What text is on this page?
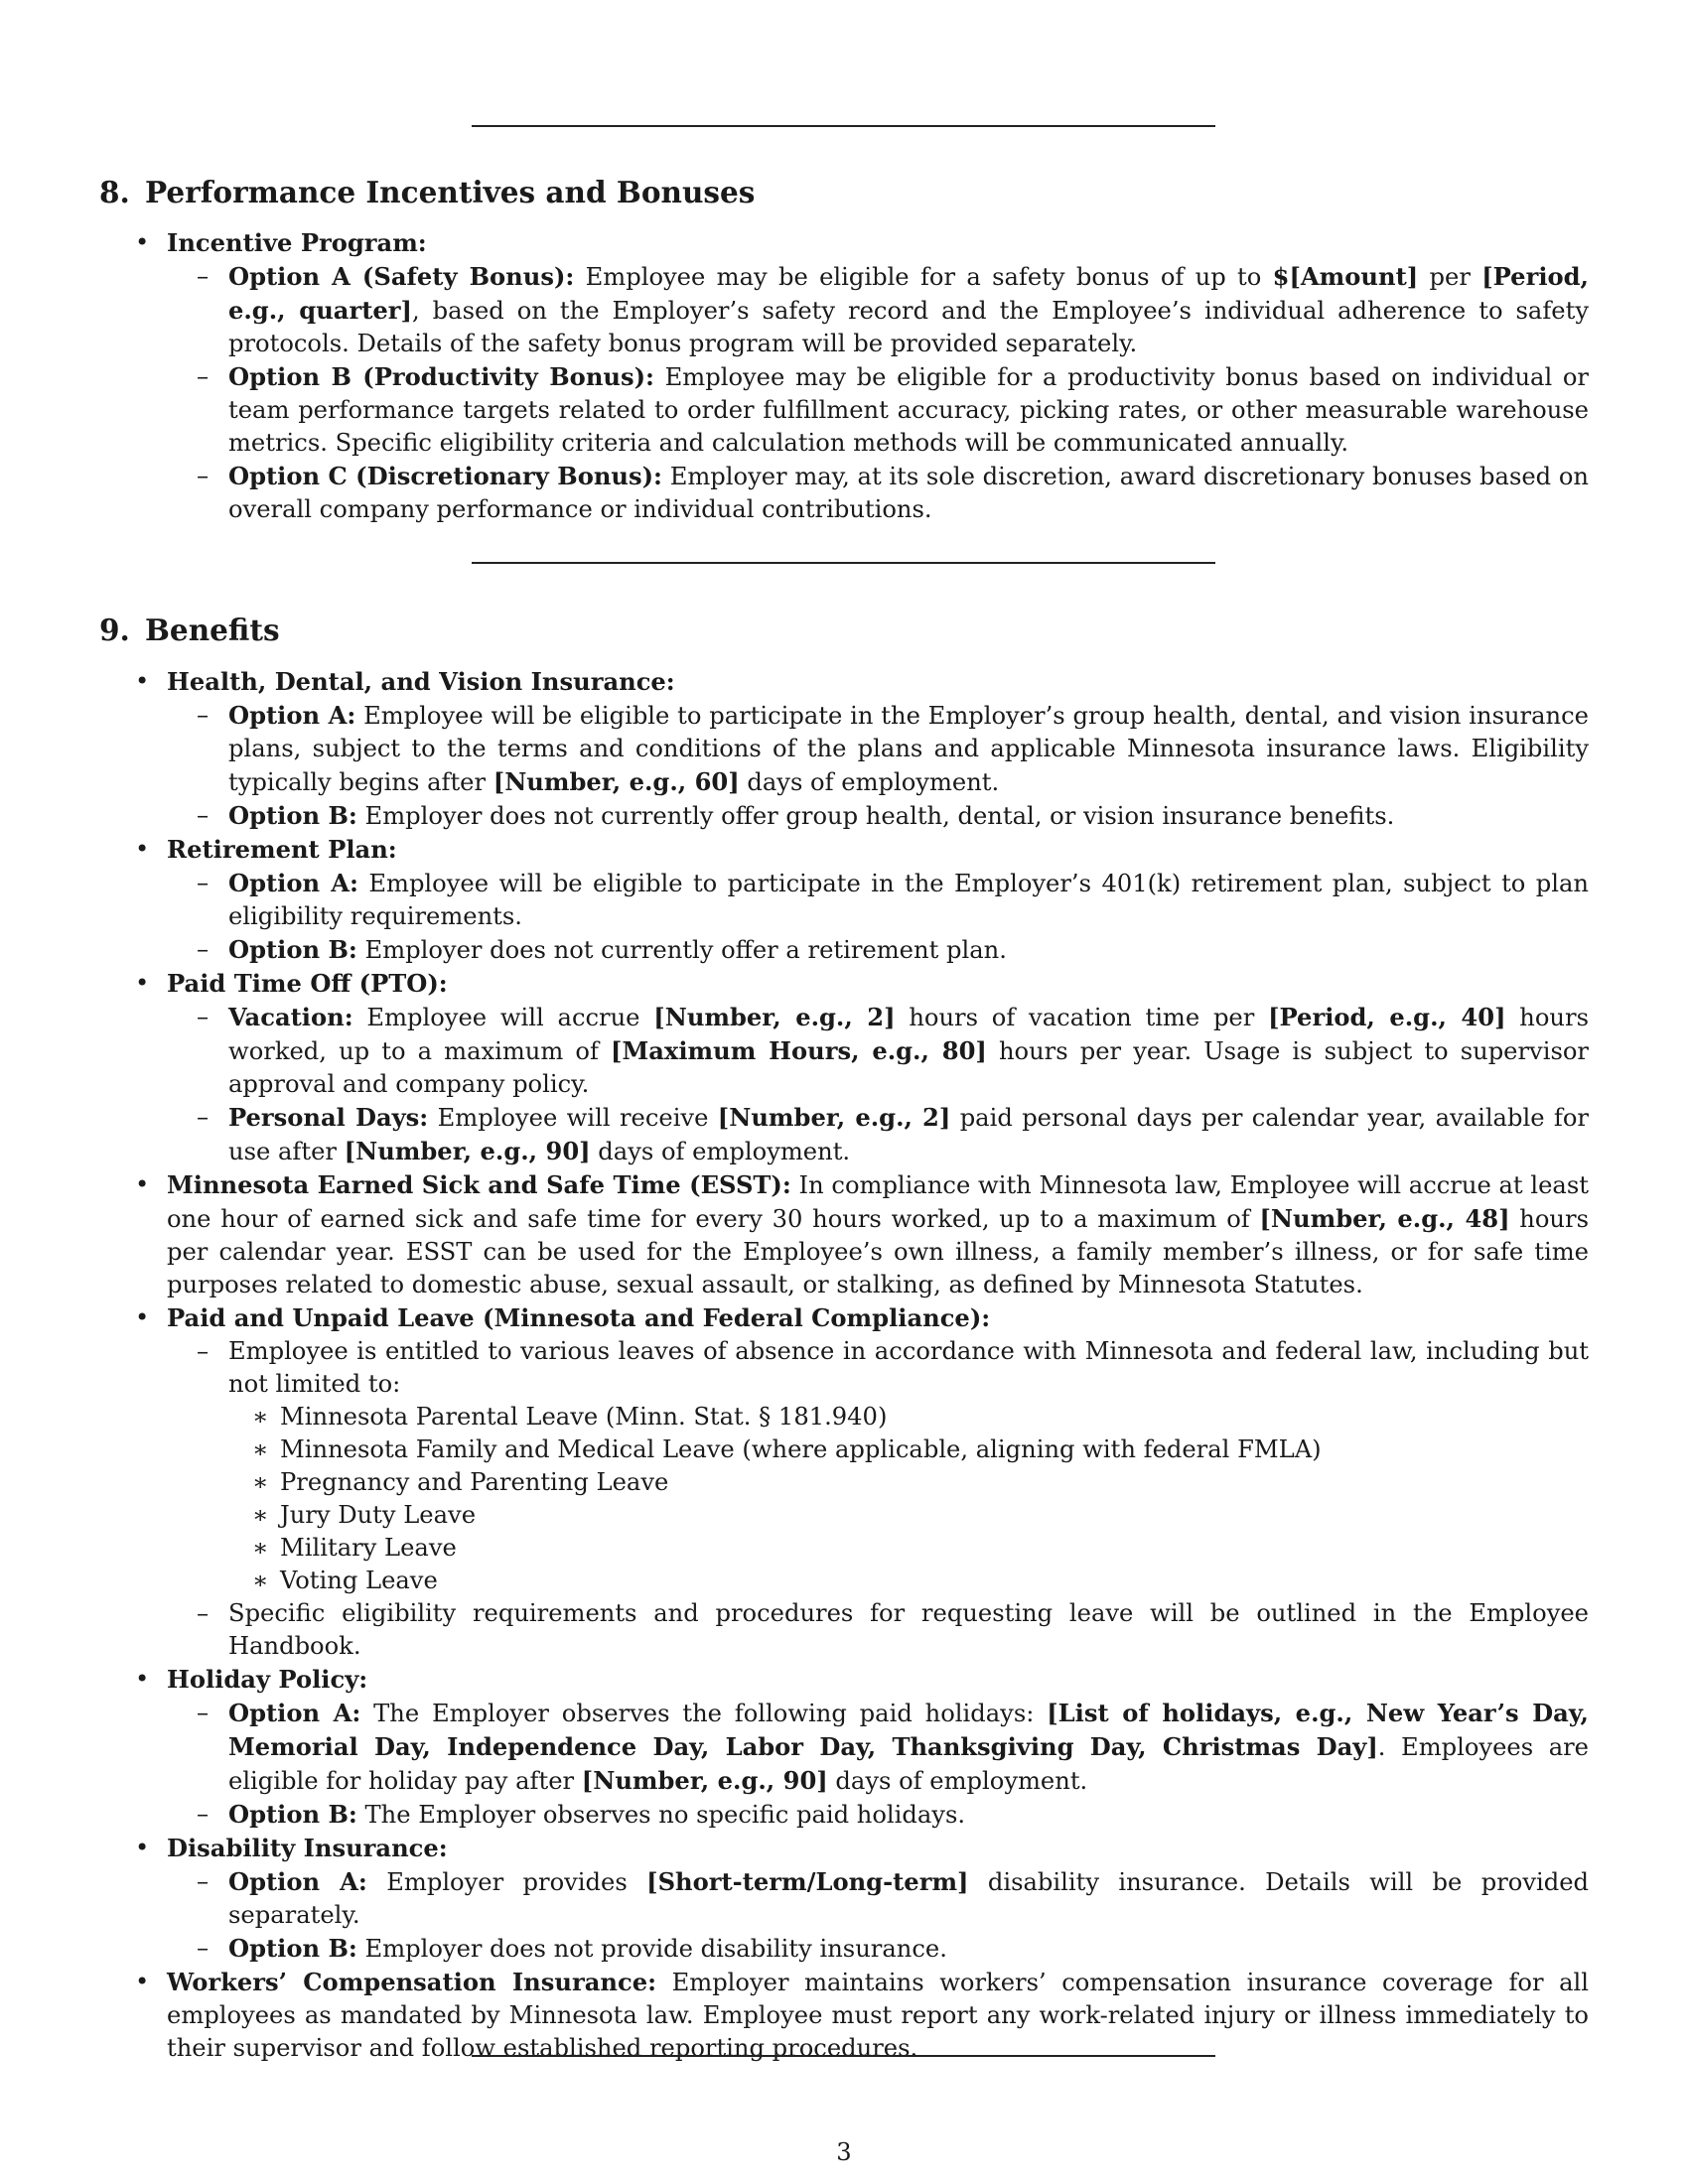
8. Performance Incentives and Bonuses
• Incentive Program:
– Option A (Safety Bonus): Employee may be eligible for a safety bonus of up to $[Amount] per [Period, e.g., quarter], based on the Employer’s safety record and the Employee’s individual adherence to safety protocols. Details of the safety bonus program will be provided separately.
– Option B (Productivity Bonus): Employee may be eligible for a productivity bonus based on individual or team performance targets related to order fulfillment accuracy, picking rates, or other measurable warehouse metrics. Specific eligibility criteria and calculation methods will be communicated annually.
– Option C (Discretionary Bonus): Employer may, at its sole discretion, award discretionary bonuses based on overall company performance or individual contributions.
9. Benefits
• Health, Dental, and Vision Insurance:
– Option A: Employee will be eligible to participate in the Employer’s group health, dental, and vision insurance plans, subject to the terms and conditions of the plans and applicable Minnesota insurance laws. Eligibility typically begins after [Number, e.g., 60] days of employment.
– Option B: Employer does not currently offer group health, dental, or vision insurance benefits.
• Retirement Plan:
– Option A: Employee will be eligible to participate in the Employer’s 401(k) retirement plan, subject to plan eligibility requirements.
– Option B: Employer does not currently offer a retirement plan.
• Paid Time Off (PTO):
– Vacation: Employee will accrue [Number, e.g., 2] hours of vacation time per [Period, e.g., 40] hours worked, up to a maximum of [Maximum Hours, e.g., 80] hours per year. Usage is subject to supervisor approval and company policy.
– Personal Days: Employee will receive [Number, e.g., 2] paid personal days per calendar year, available for use after [Number, e.g., 90] days of employment.
• Minnesota Earned Sick and Safe Time (ESST): In compliance with Minnesota law, Employee will accrue at least one hour of earned sick and safe time for every 30 hours worked, up to a maximum of [Number, e.g., 48] hours per calendar year. ESST can be used for the Employee’s own illness, a family member’s illness, or for safe time purposes related to domestic abuse, sexual assault, or stalking, as defined by Minnesota Statutes.
• Paid and Unpaid Leave (Minnesota and Federal Compliance):
– Employee is entitled to various leaves of absence in accordance with Minnesota and federal law, including but not limited to:
∗ Minnesota Parental Leave (Minn. Stat. § 181.940)
∗ Minnesota Family and Medical Leave (where applicable, aligning with federal FMLA)
∗ Pregnancy and Parenting Leave
∗ Jury Duty Leave
∗ Military Leave
∗ Voting Leave
– Specific eligibility requirements and procedures for requesting leave will be outlined in the Employee Handbook.
• Holiday Policy:
– Option A: The Employer observes the following paid holidays: [List of holidays, e.g., New Year’s Day, Memorial Day, Independence Day, Labor Day, Thanksgiving Day, Christmas Day]. Employees are eligible for holiday pay after [Number, e.g., 90] days of employment.
– Option B: The Employer observes no specific paid holidays.
• Disability Insurance:
– Option A: Employer provides [Short-term/Long-term] disability insurance. Details will be provided separately.
– Option B: Employer does not provide disability insurance.
• Workers’ Compensation Insurance: Employer maintains workers’ compensation insurance coverage for all employees as mandated by Minnesota law. Employee must report any work-related injury or illness immediately to their supervisor and follow established reporting procedures.
3
